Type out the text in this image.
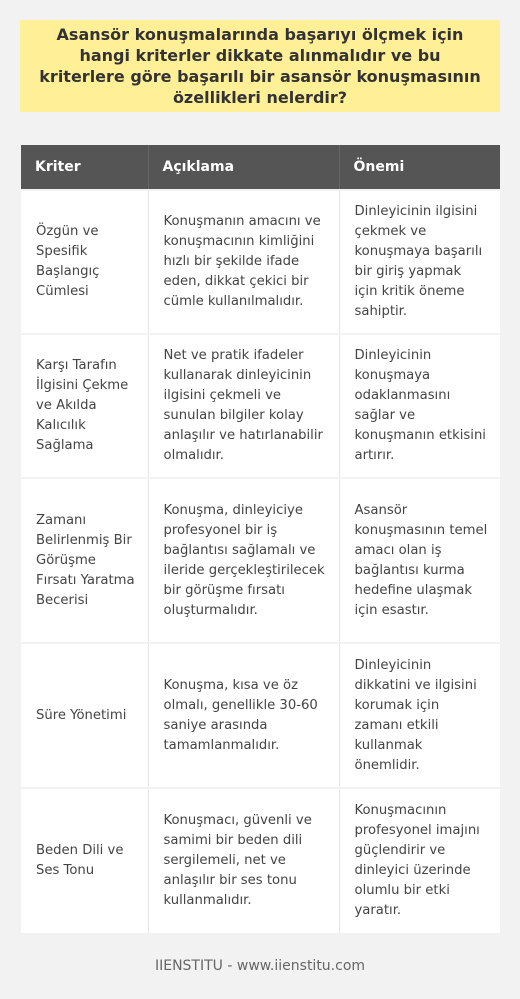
Asansör konuşmalarında başarıyı ölçmek için hangi kriterler dikkate alınmalıdır ve bu kriterlere göre başarılı bir asansör konuşmasının özellikleri nelerdir?
Kriter	Açıklama	Önemi
Özgün ve Spesifik Başlangıç Cümlesi	Konuşmanın amacını ve konuşmacının kimliğini hızlı bir şekilde ifade eden, dikkat çekici bir cümle kullanılmalıdır.	Dinleyicinin ilgisini çekmek ve konuşmaya başarılı bir giriş yapmak için kritik öneme sahiptir.
Karşı Tarafın İlgisini Çekme ve Akılda Kalıcılık Sağlama	Net ve pratik ifadeler kullanarak dinleyicinin ilgisini çekmeli ve sunulan bilgiler kolay anlaşılır ve hatırlanabilir olmalıdır.	Dinleyicinin konuşmaya odaklanmasını sağlar ve konuşmanın etkisini artırır.
Zamanı Belirlenmiş Bir Görüşme Fırsatı Yaratma Becerisi	Konuşma, dinleyiciye profesyonel bir iş bağlantısı sağlamalı ve ileride gerçekleştirilecek bir görüşme fırsatı oluşturmalıdır.	Asansör konuşmasının temel amacı olan iş bağlantısı kurma hedefine ulaşmak için esastır.
Süre Yönetimi	Konuşma, kısa ve öz olmalı, genellikle 30-60 saniye arasında tamamlanmalıdır.	Dinleyicinin dikkatini ve ilgisini korumak için zamanı etkili kullanmak önemlidir.
Beden Dili ve Ses Tonu	Konuşmacı, güvenli ve samimi bir beden dili sergilemeli, net ve anlaşılır bir ses tonu kullanmalıdır.	Konuşmacının profesyonel imajını güçlendirir ve dinleyici üzerinde olumlu bir etki yaratır.
IIENSTITU - www.iienstitu.com
